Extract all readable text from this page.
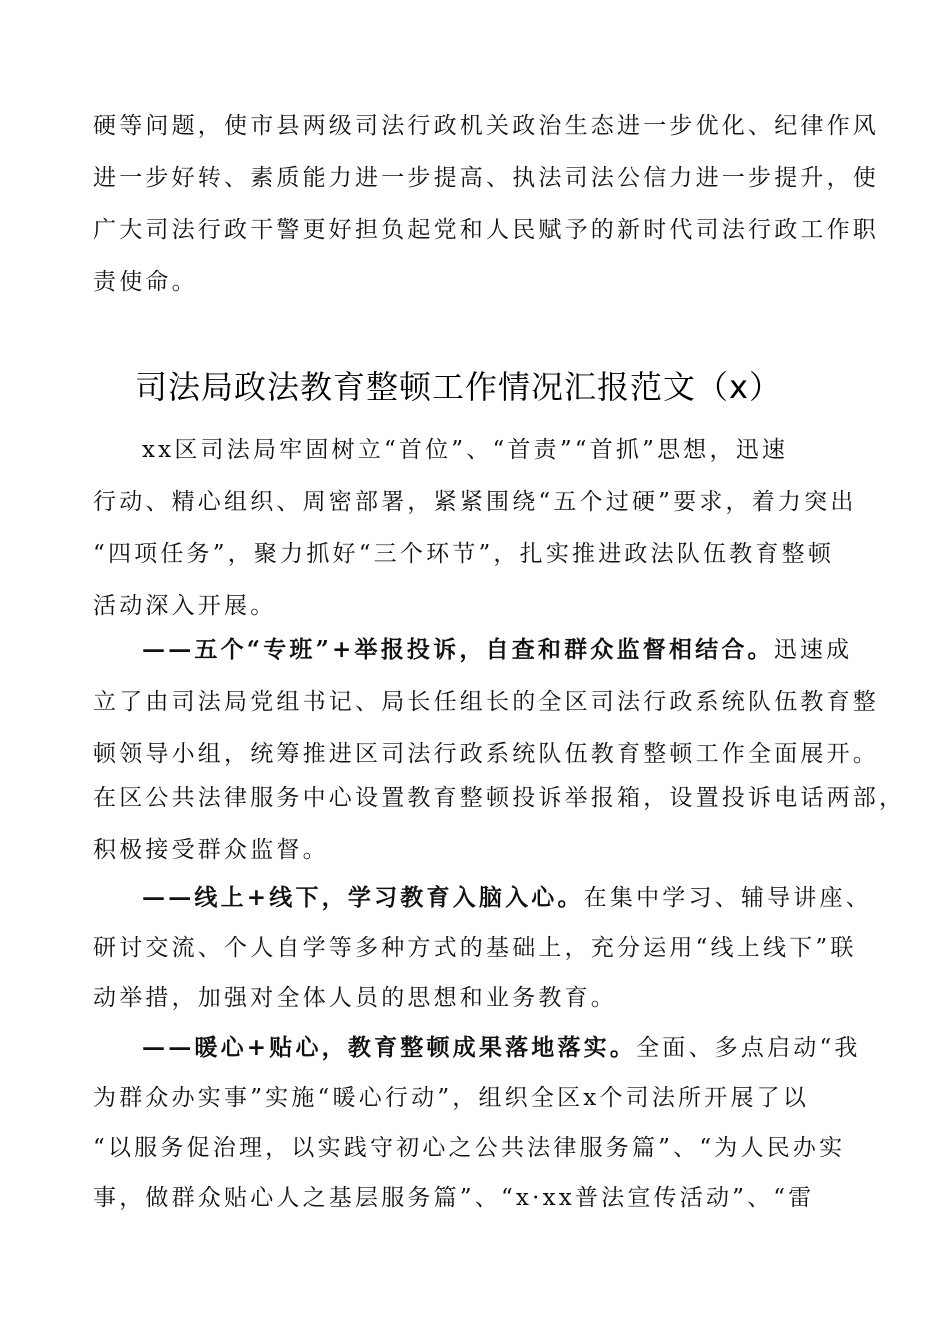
硬等问题，使市县两级司法行政机关政治生态进一步优化、纪律作风
进一步好转、素质能力进一步提高、执法司法公信力进一步提升，使
广大司法行政干警更好担负起党和人民赋予的新时代司法行政工作职
责使命。
司法局政法教育整顿工作情况汇报范文（x）
xx区司法局牢固树立“首位”、“首责”“首抓”思想，迅速
行动、精心组织、周密部署，紧紧围绕“五个过硬”要求，着力突出
“四项任务”，聚力抓好“三个环节”，扎实推进政法队伍教育整顿
活动深入开展。
——五个“专班”+举报投诉，自查和群众监督相结合。迅速成
立了由司法局党组书记、局长任组长的全区司法行政系统队伍教育整
顿领导小组，统筹推进区司法行政系统队伍教育整顿工作全面展开。
在区公共法律服务中心设置教育整顿投诉举报箱，设置投诉电话两部，
积极接受群众监督。
——线上+线下，学习教育入脑入心。在集中学习、辅导讲座、
研讨交流、个人自学等多种方式的基础上，充分运用“线上线下”联
动举措，加强对全体人员的思想和业务教育。
——暖心+贴心，教育整顿成果落地落实。全面、多点启动“我
为群众办实事”实施“暖心行动”，组织全区x个司法所开展了以
“以服务促治理，以实践守初心之公共法律服务篇”、“为人民办实
事，做群众贴心人之基层服务篇”、“x·xx普法宣传活动”、“雷
